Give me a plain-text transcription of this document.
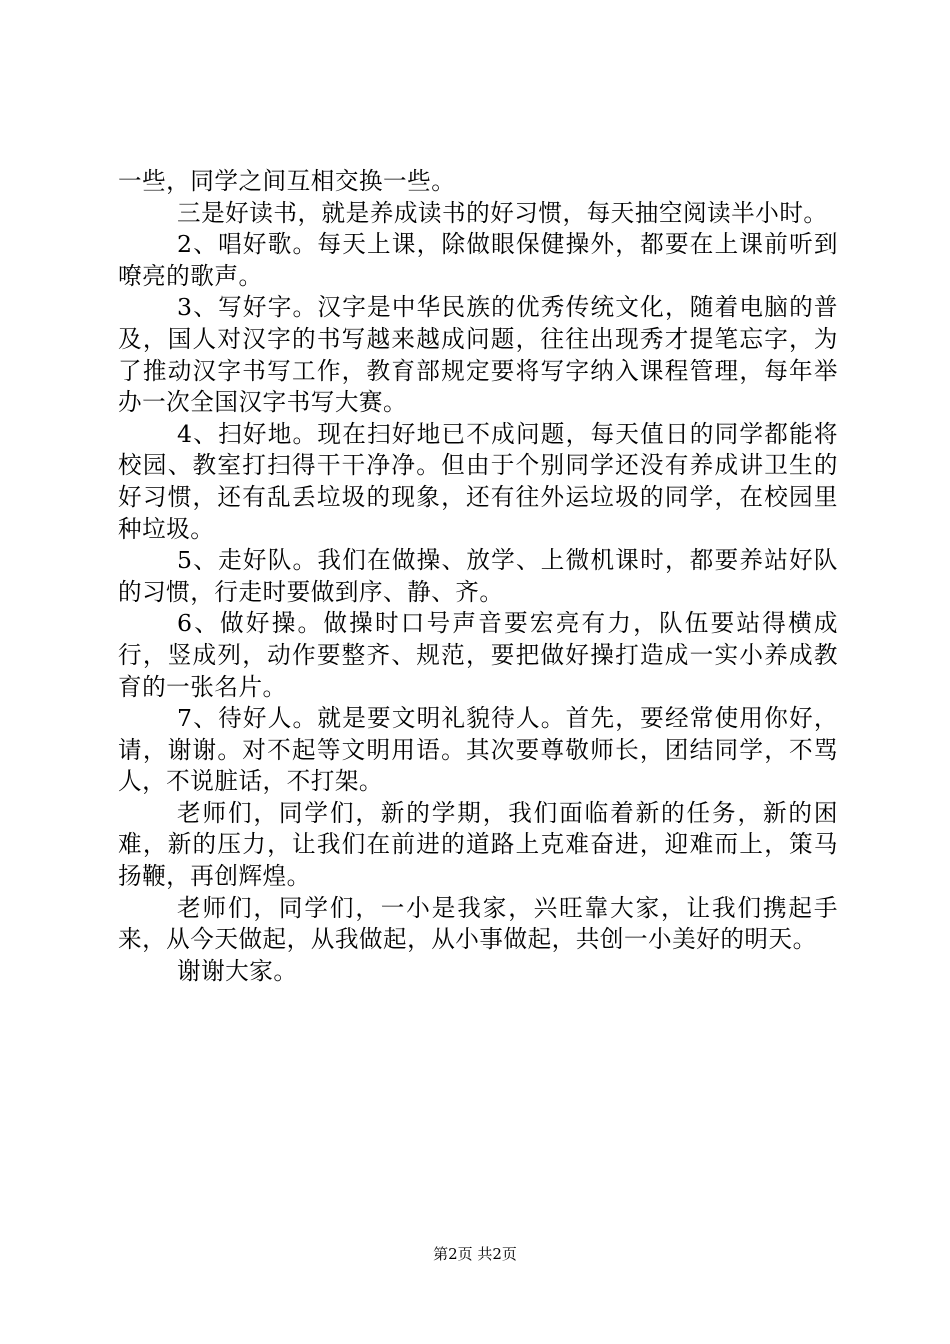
一些，同学之间互相交换一些。

三是好读书，就是养成读书的好习惯，每天抽空阅读半小时。

2、唱好歌。每天上课，除做眼保健操外，都要在上课前听到嘹亮的歌声。

3、写好字。汉字是中华民族的优秀传统文化，随着电脑的普及，国人对汉字的书写越来越成问题，往往出现秀才提笔忘字，为了推动汉字书写工作，教育部规定要将写字纳入课程管理，每年举办一次全国汉字书写大赛。

4、扫好地。现在扫好地已不成问题，每天值日的同学都能将校园、教室打扫得干干净净。但由于个别同学还没有养成讲卫生的好习惯，还有乱丢垃圾的现象，还有往外运垃圾的同学，在校园里种垃圾。

5、走好队。我们在做操、放学、上微机课时，都要养站好队的习惯，行走时要做到序、静、齐。

6、做好操。做操时口号声音要宏亮有力，队伍要站得横成行，竖成列，动作要整齐、规范，要把做好操打造成一实小养成教育的一张名片。

7、待好人。就是要文明礼貌待人。首先，要经常使用你好，请，谢谢。对不起等文明用语。其次要尊敬师长，团结同学，不骂人，不说脏话，不打架。

老师们，同学们，新的学期，我们面临着新的任务，新的困难，新的压力，让我们在前进的道路上克难奋进，迎难而上，策马扬鞭，再创辉煌。

老师们，同学们，一小是我家，兴旺靠大家，让我们携起手来，从今天做起，从我做起，从小事做起，共创一小美好的明天。

谢谢大家。

第2页 共2页
